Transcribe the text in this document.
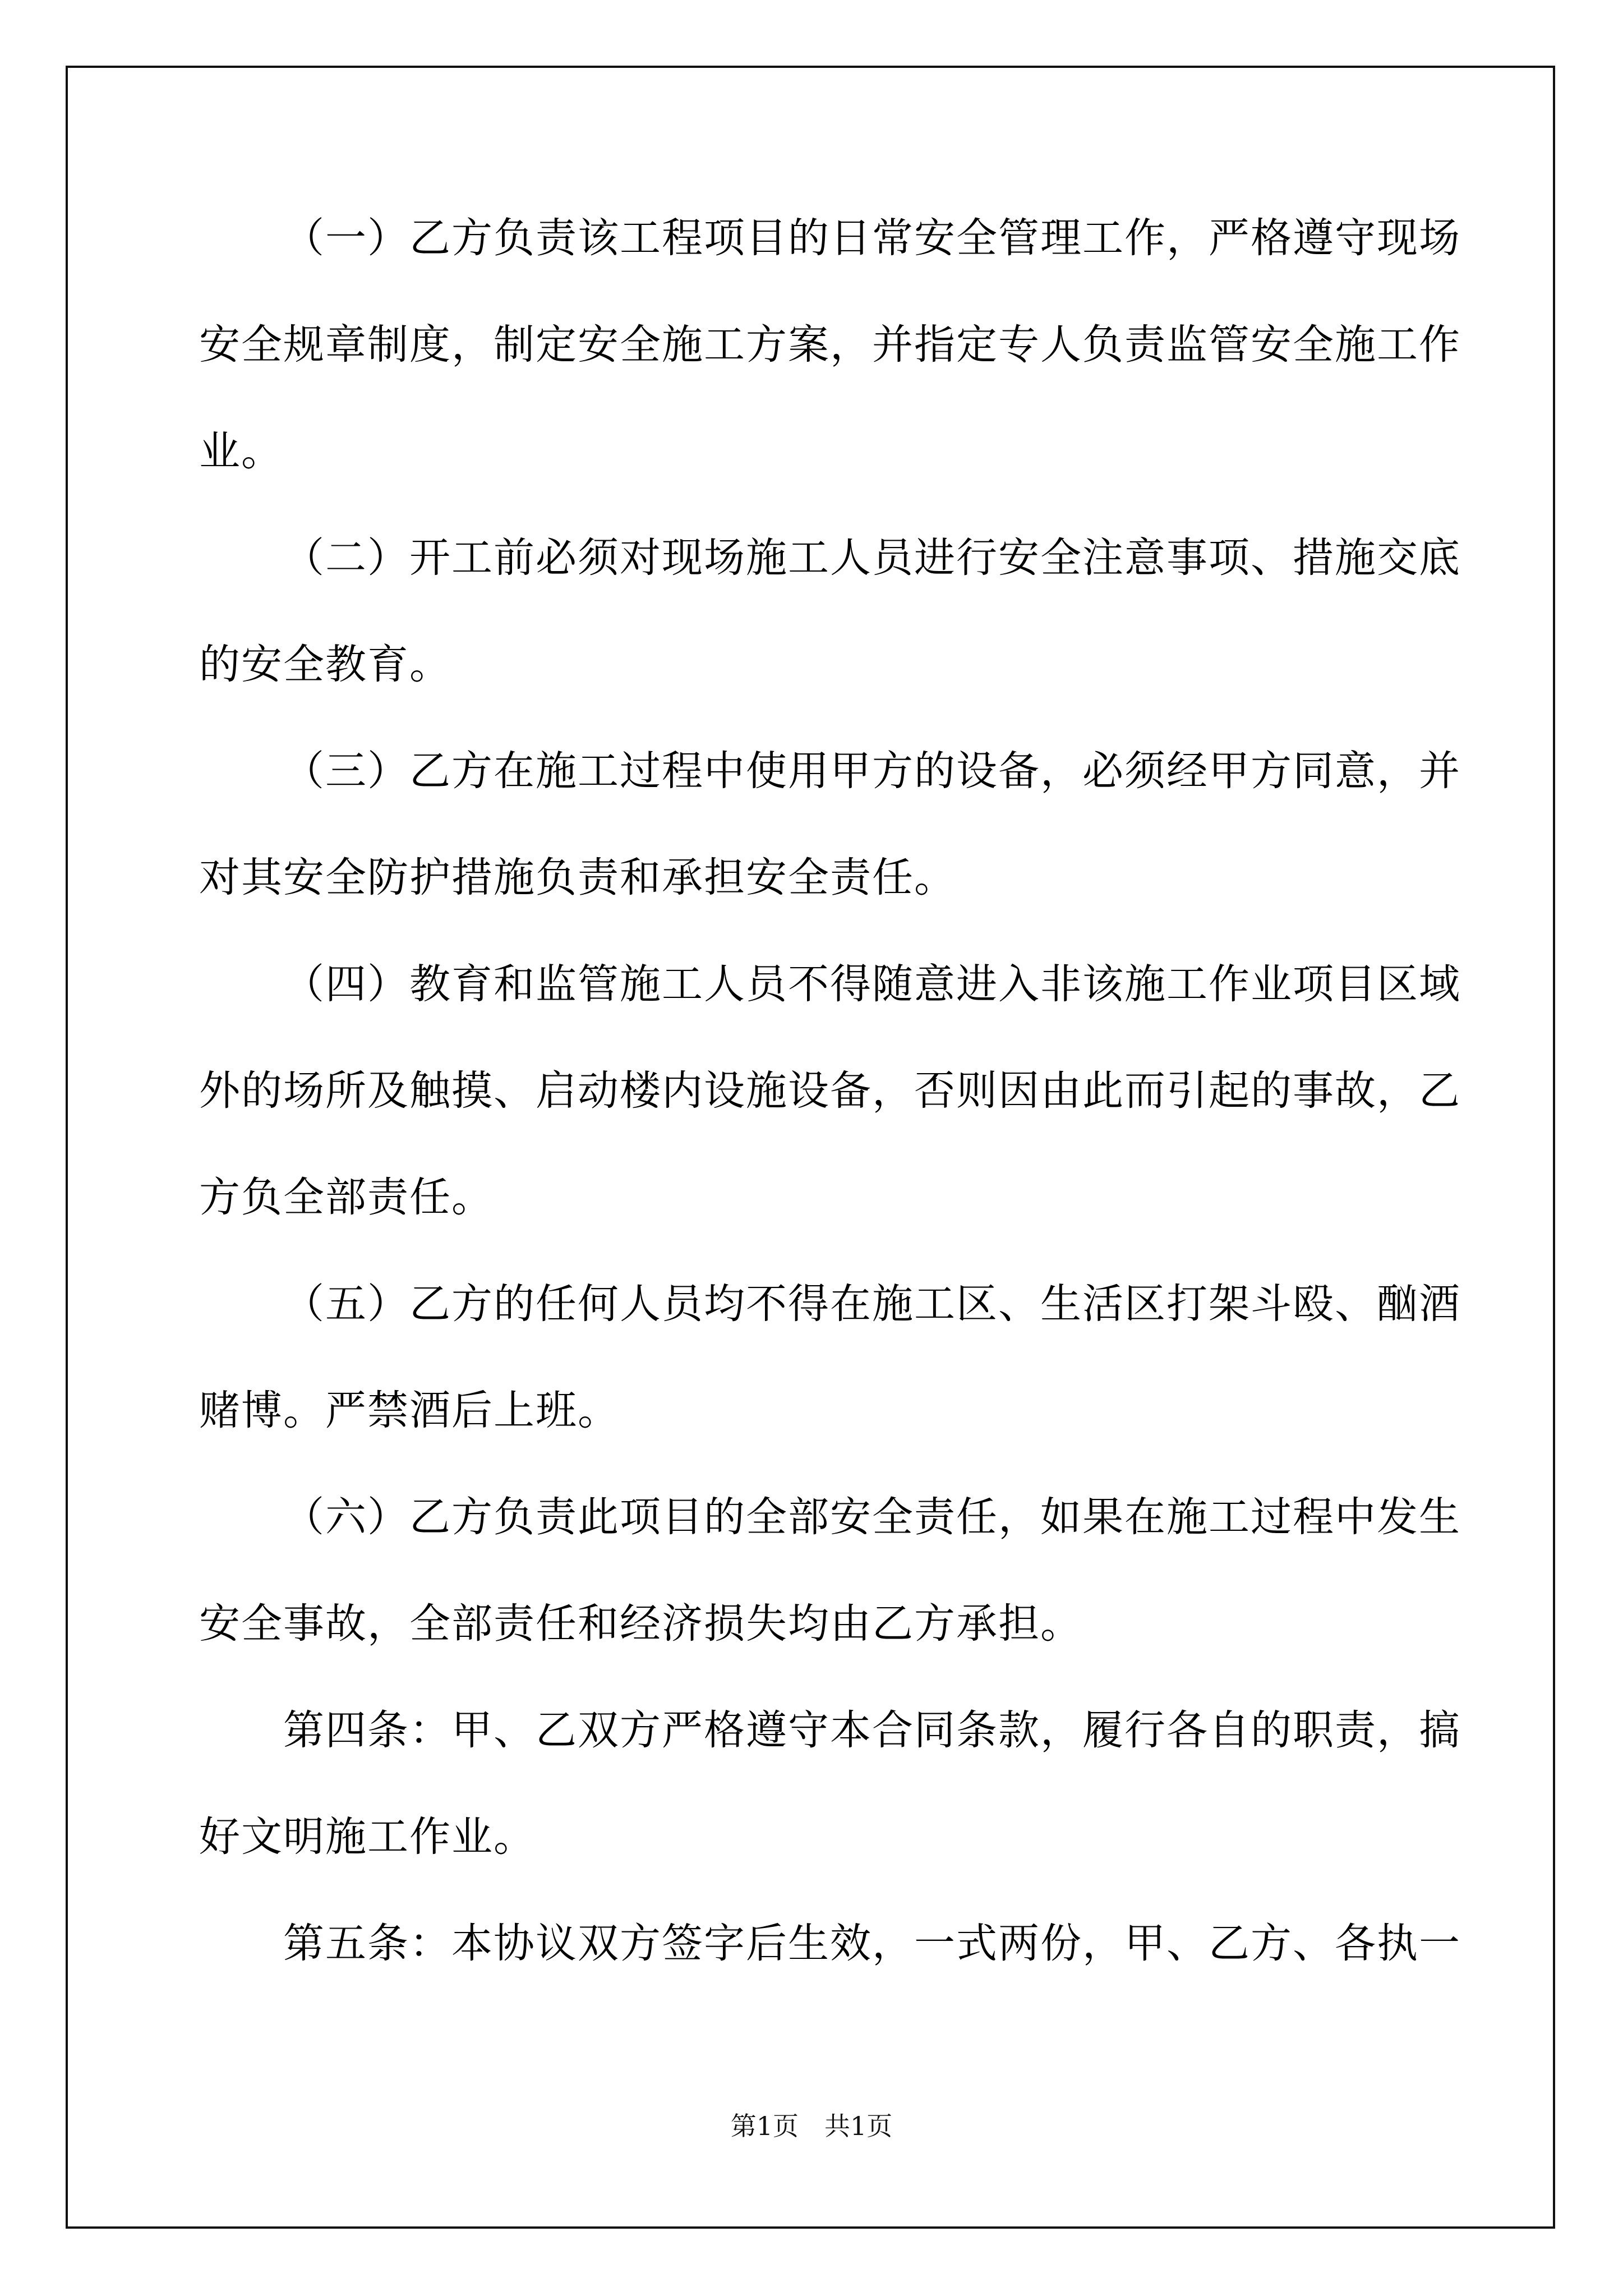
（一）乙方负责该工程项目的日常安全管理工作，严格遵守现场
安全规章制度，制定安全施工方案，并指定专人负责监管安全施工作
业。
（二）开工前必须对现场施工人员进行安全注意事项、措施交底
的安全教育。
（三）乙方在施工过程中使用甲方的设备，必须经甲方同意，并
对其安全防护措施负责和承担安全责任。
（四）教育和监管施工人员不得随意进入非该施工作业项目区域
外的场所及触摸、启动楼内设施设备，否则因由此而引起的事故，乙
方负全部责任。
（五）乙方的任何人员均不得在施工区、生活区打架斗殴、酗酒
赌博。严禁酒后上班。
（六）乙方负责此项目的全部安全责任，如果在施工过程中发生
安全事故，全部责任和经济损失均由乙方承担。
第四条：甲、乙双方严格遵守本合同条款，履行各自的职责，搞
好文明施工作业。
第五条：本协议双方签字后生效，一式两份，甲、乙方、各执一
第1页　共1页
